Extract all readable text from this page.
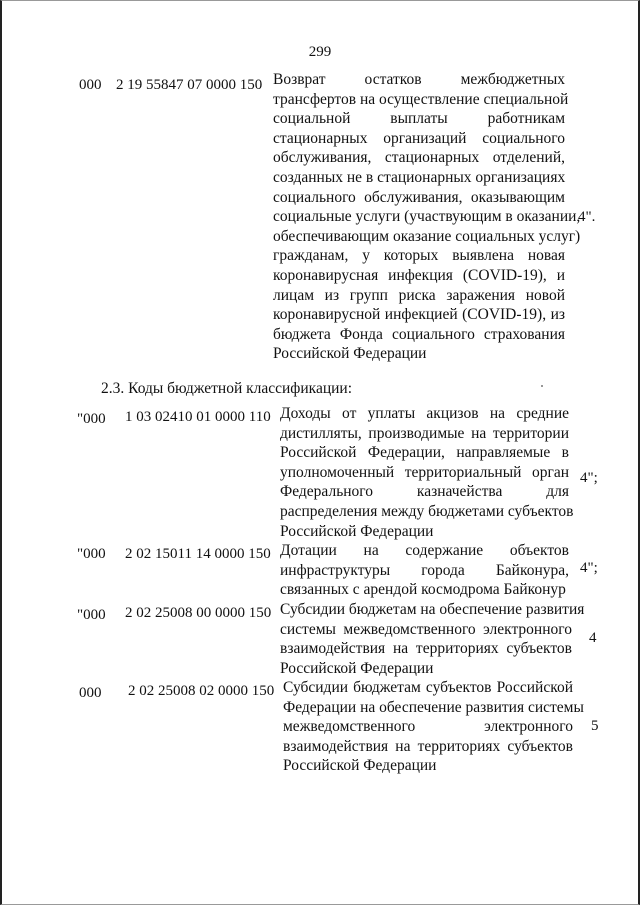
299
000 2 19 55847 07 0000 150 Возврат остатков межбюджетных
трансфертов на осуществление специальной
социальной выплаты работникам
стационарных организаций социального
обслуживания, стационарных отделений,
созданных не в стационарных организациях
социального обслуживания, оказывающим
социальные услуги (участвующим в оказании,
обеспечивающим оказание социальных услуг)
гражданам, у которых выявлена новая
коронавирусная инфекция (COVID-19), и
лицам из групп риска заражения новой
коронавирусной инфекцией (COVID-19), из
бюджета Фонда социального страхования
Российской Федерации
4".
2.3. Коды бюджетной классификации:
"000 1 03 02410 01 0000 110 Доходы от уплаты акцизов на средние
дистилляты, производимые на территории
Российской Федерации, направляемые в
уполномоченный территориальный орган
Федерального казначейства для
распределения между бюджетами субъектов
Российской Федерации
4";
"000 2 02 15011 14 0000 150 Дотации на содержание объектов
инфраструктуры города Байконура,
связанных с арендой космодрома Байконур
4";
"000 2 02 25008 00 0000 150 Субсидии бюджетам на обеспечение развития
системы межведомственного электронного
взаимодействия на территориях субъектов
Российской Федерации
4
000 2 02 25008 02 0000 150 Субсидии бюджетам субъектов Российской
Федерации на обеспечение развития системы
межведомственного электронного
взаимодействия на территориях субъектов
Российской Федерации
5
